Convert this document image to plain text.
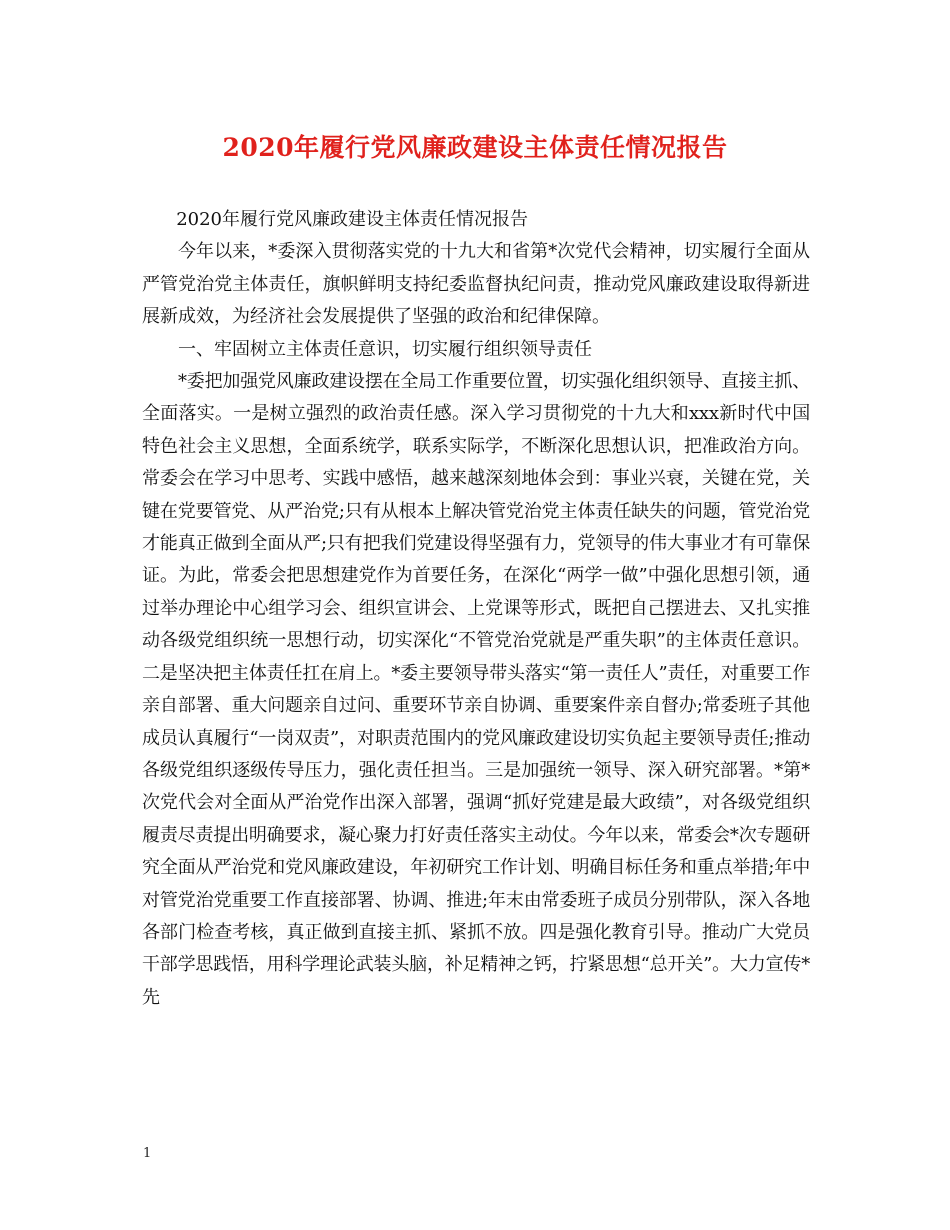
2020年履行党风廉政建设主体责任情况报告

2020年履行党风廉政建设主体责任情况报告

今年以来，*委深入贯彻落实党的十九大和省第*次党代会精神，切实履行全面从严管党治党主体责任，旗帜鲜明支持纪委监督执纪问责，推动党风廉政建设取得新进展新成效，为经济社会发展提供了坚强的政治和纪律保障。

一、牢固树立主体责任意识，切实履行组织领导责任

*委把加强党风廉政建设摆在全局工作重要位置，切实强化组织领导、直接主抓、全面落实。一是树立强烈的政治责任感。深入学习贯彻党的十九大和xxx新时代中国特色社会主义思想，全面系统学，联系实际学，不断深化思想认识，把准政治方向。常委会在学习中思考、实践中感悟，越来越深刻地体会到：事业兴衰，关键在党，关键在党要管党、从严治党;只有从根本上解决管党治党主体责任缺失的问题，管党治党才能真正做到全面从严;只有把我们党建设得坚强有力，党领导的伟大事业才有可靠保证。为此，常委会把思想建党作为首要任务，在深化“两学一做”中强化思想引领，通过举办理论中心组学习会、组织宣讲会、上党课等形式，既把自己摆进去、又扎实推动各级党组织统一思想行动，切实深化“不管党治党就是严重失职”的主体责任意识。二是坚决把主体责任扛在肩上。*委主要领导带头落实“第一责任人”责任，对重要工作亲自部署、重大问题亲自过问、重要环节亲自协调、重要案件亲自督办;常委班子其他成员认真履行“一岗双责”，对职责范围内的党风廉政建设切实负起主要领导责任;推动各级党组织逐级传导压力，强化责任担当。三是加强统一领导、深入研究部署。*第*次党代会对全面从严治党作出深入部署，强调“抓好党建是最大政绩”，对各级党组织履责尽责提出明确要求，凝心聚力打好责任落实主动仗。今年以来，常委会*次专题研究全面从严治党和党风廉政建设，年初研究工作计划、明确目标任务和重点举措;年中对管党治党重要工作直接部署、协调、推进;年末由常委班子成员分别带队，深入各地各部门检查考核，真正做到直接主抓、紧抓不放。四是强化教育引导。推动广大党员干部学思践悟，用科学理论武装头脑，补足精神之钙，拧紧思想“总开关”。大力宣传*先

1
